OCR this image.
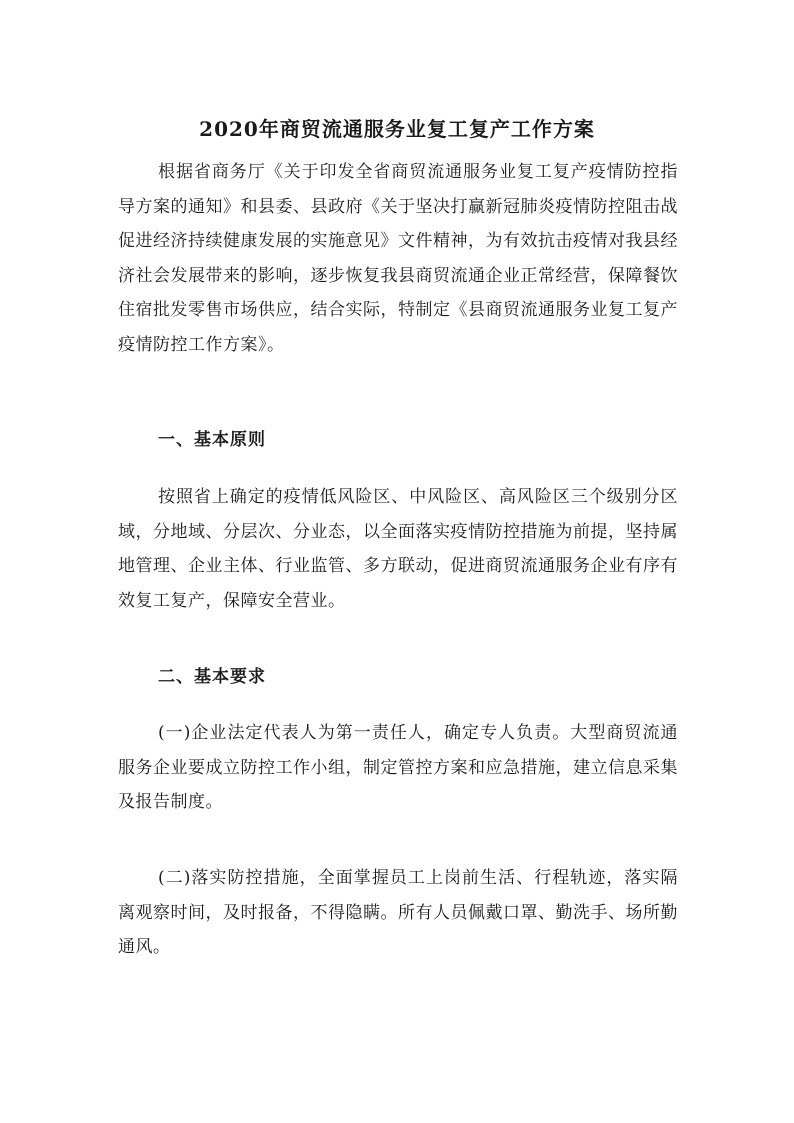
2020年商贸流通服务业复工复产工作方案

根据省商务厅《关于印发全省商贸流通服务业复工复产疫情防控指导方案的通知》和县委、县政府《关于坚决打赢新冠肺炎疫情防控阻击战促进经济持续健康发展的实施意见》文件精神，为有效抗击疫情对我县经济社会发展带来的影响，逐步恢复我县商贸流通企业正常经营，保障餐饮住宿批发零售市场供应，结合实际，特制定《县商贸流通服务业复工复产疫情防控工作方案》。

一、基本原则

按照省上确定的疫情低风险区、中风险区、高风险区三个级别分区域，分地域、分层次、分业态，以全面落实疫情防控措施为前提，坚持属地管理、企业主体、行业监管、多方联动，促进商贸流通服务企业有序有效复工复产，保障安全营业。

二、基本要求

(一)企业法定代表人为第一责任人，确定专人负责。大型商贸流通服务企业要成立防控工作小组，制定管控方案和应急措施，建立信息采集及报告制度。

(二)落实防控措施，全面掌握员工上岗前生活、行程轨迹，落实隔离观察时间，及时报备，不得隐瞒。所有人员佩戴口罩、勤洗手、场所勤通风。
